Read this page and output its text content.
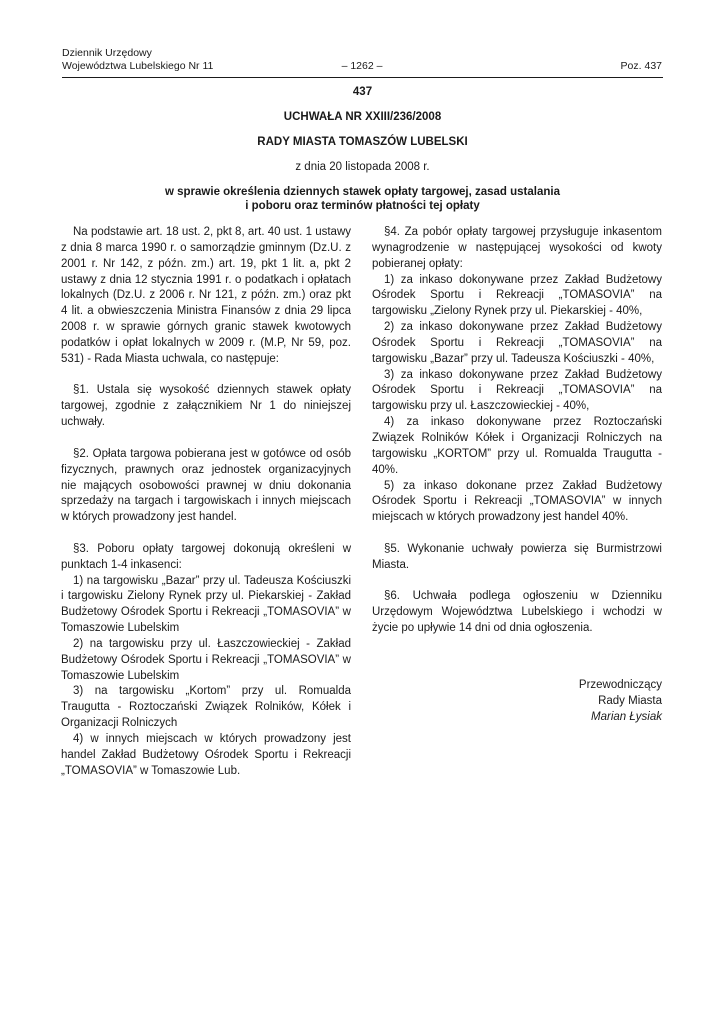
Dziennik Urzędowy
Województwa Lubelskiego Nr 11	– 1262 –	Poz. 437
437
UCHWAŁA NR XXIII/236/2008
RADY MIASTA TOMASZÓW LUBELSKI
z dnia 20 listopada 2008 r.
w sprawie określenia dziennych stawek opłaty targowej, zasad ustalania
i poboru oraz terminów płatności tej opłaty

Na podstawie art. 18 ust. 2, pkt 8, art. 40 ust. 1 ustawy z dnia 8 marca 1990 r. o samorządzie gminnym (Dz.U. z 2001 r. Nr 142, z późn. zm.) art. 19, pkt 1 lit. a, pkt 2 ustawy z dnia 12 stycznia 1991 r. o podatkach i opłatach lokalnych (Dz.U. z 2006 r. Nr 121, z późn. zm.) oraz pkt 4 lit. a obwieszczenia Ministra Finansów z dnia 29 lipca 2008 r. w sprawie górnych granic stawek kwotowych podatków i opłat lokalnych w 2009 r. (M.P, Nr 59, poz. 531) - Rada Miasta uchwala, co następuje:

§1. Ustala się wysokość dziennych stawek opłaty targowej, zgodnie z załącznikiem Nr 1 do niniejszej uchwały.

§2. Opłata targowa pobierana jest w gotówce od osób fizycznych, prawnych oraz jednostek organizacyjnych nie mających osobowości prawnej w dniu dokonania sprzedaży na targach i targowiskach i innych miejscach w których prowadzony jest handel.

§3. Poboru opłaty targowej dokonują określeni w punktach 1-4 inkasenci:

1) na targowisku „Bazar” przy ul. Tadeusza Kościuszki i targowisku Zielony Rynek przy ul. Piekarskiej - Zakład Budżetowy Ośrodek Sportu i Rekreacji „TOMASOVIA” w Tomaszowie Lubelskim

2) na targowisku przy ul. Łaszczowieckiej - Zakład Budżetowy Ośrodek Sportu i Rekreacji „TOMASOVIA” w Tomaszowie Lubelskim

3) na targowisku „Kortom” przy ul. Romualda Traugutta - Roztoczański Związek Rolników, Kółek i Organizacji Rolniczych

4) w innych miejscach w których prowadzony jest handel Zakład Budżetowy Ośrodek Sportu i Rekreacji „TOMASOVIA” w Tomaszowie Lub.

§4. Za pobór opłaty targowej przysługuje inkasentom wynagrodzenie w następującej wysokości od kwoty pobieranej opłaty:

1) za inkaso dokonywane przez Zakład Budżetowy Ośrodek Sportu i Rekreacji „TOMASOVIA” na targowisku „Zielony Rynek przy ul. Piekarskiej - 40%,

2) za inkaso dokonywane przez Zakład Budżetowy Ośrodek Sportu i Rekreacji „TOMASOVIA” na targowisku „Bazar” przy ul. Tadeusza Kościuszki - 40%,

3) za inkaso dokonywane przez Zakład Budżetowy Ośrodek Sportu i Rekreacji „TOMASOVIA” na targowisku przy ul. Łaszczowieckiej - 40%,

4) za inkaso dokonywane przez Roztoczański Związek Rolników Kółek i Organizacji Rolniczych na targowisku „KORTOM” przy ul. Romualda Traugutta - 40%.

5) za inkaso dokonane przez Zakład Budżetowy Ośrodek Sportu i Rekreacji „TOMASOVIA” w innych miejscach w których prowadzony jest handel 40%.

§5. Wykonanie uchwały powierza się Burmistrzowi Miasta.

§6. Uchwała podlega ogłoszeniu w Dzienniku Urzędowym Województwa Lubelskiego i wchodzi w życie po upływie 14 dni od dnia ogłoszenia.

Przewodniczący
Rady Miasta
Marian Łysiak
